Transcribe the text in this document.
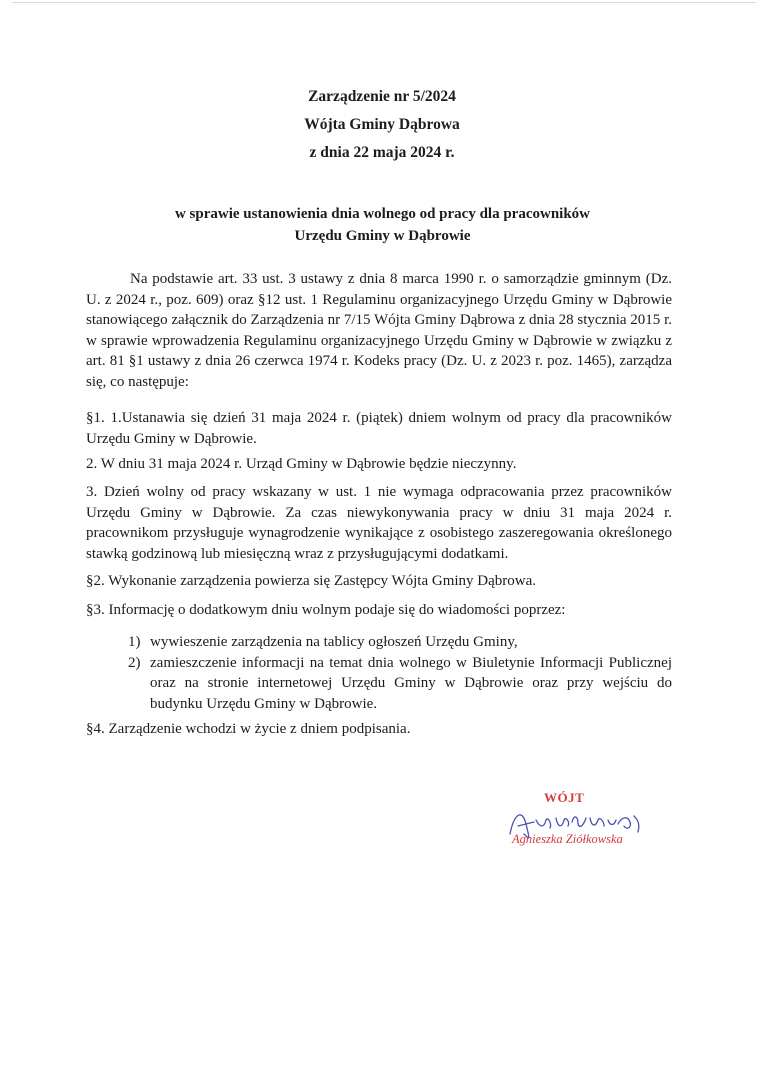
Zarządzenie nr 5/2024
Wójta Gminy Dąbrowa
z dnia 22 maja 2024 r.
w sprawie ustanowienia dnia wolnego od pracy dla pracowników
Urzędu Gminy w Dąbrowie
Na podstawie art. 33 ust. 3 ustawy z dnia 8 marca 1990 r. o samorządzie gminnym (Dz. U. z 2024 r., poz. 609) oraz §12 ust. 1 Regulaminu organizacyjnego Urzędu Gminy w Dąbrowie stanowiącego załącznik do Zarządzenia nr 7/15 Wójta Gminy Dąbrowa z dnia 28 stycznia 2015 r. w sprawie wprowadzenia Regulaminu organizacyjnego Urzędu Gminy w Dąbrowie w związku z art. 81 §1 ustawy z dnia 26 czerwca 1974 r. Kodeks pracy (Dz. U. z 2023 r. poz. 1465), zarządza się, co następuje:
§1. 1.Ustanawia się dzień 31 maja 2024 r. (piątek) dniem wolnym od pracy dla pracowników Urzędu Gminy w Dąbrowie.
2. W dniu 31 maja 2024 r. Urząd Gminy w Dąbrowie będzie nieczynny.
3. Dzień wolny od pracy wskazany w ust. 1 nie wymaga odpracowania przez pracowników Urzędu Gminy w Dąbrowie. Za czas niewykonywania pracy w dniu 31 maja 2024 r. pracownikom przysługuje wynagrodzenie wynikające z osobistego zaszeregowania określonego stawką godzinową lub miesięczną wraz z przysługującymi dodatkami.
§2. Wykonanie zarządzenia powierza się Zastępcy Wójta Gminy Dąbrowa.
§3. Informację o dodatkowym dniu wolnym podaje się do wiadomości poprzez:
1) wywieszenie zarządzenia na tablicy ogłoszeń Urzędu Gminy,
2) zamieszczenie informacji na temat dnia wolnego w Biuletynie Informacji Publicznej oraz na stronie internetowej Urzędu Gminy w Dąbrowie oraz przy wejściu do budynku Urzędu Gminy w Dąbrowie.
§4. Zarządzenie wchodzi w życie z dniem podpisania.
WÓJT
Agnieszka Ziółkowska
